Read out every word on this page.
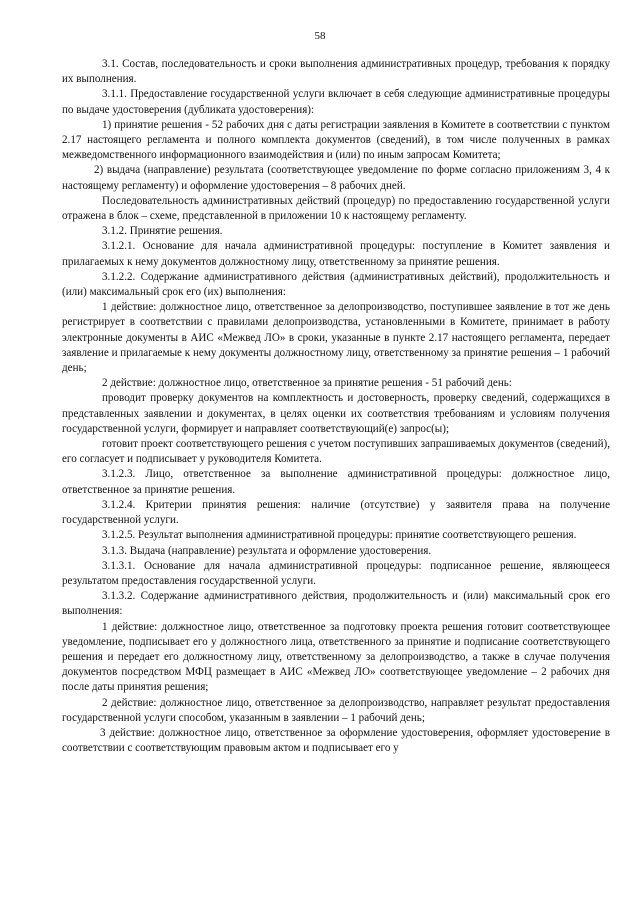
58

3.1. Состав, последовательность и сроки выполнения административных процедур, требования к порядку их выполнения.

3.1.1. Предоставление государственной услуги включает в себя следующие административные процедуры по выдаче удостоверения (дубликата удостоверения):

1) принятие решения - 52 рабочих дня с даты регистрации заявления в Комитете в соответствии с пунктом 2.17 настоящего регламента и полного комплекта документов (сведений), в том числе полученных в рамках межведомственного информационного взаимодействия и (или) по иным запросам Комитета;

2) выдача (направление) результата (соответствующее уведомление по форме согласно приложениям 3, 4 к настоящему регламенту) и оформление удостоверения – 8 рабочих дней.

Последовательность административных действий (процедур) по предоставлению государственной услуги отражена в блок – схеме, представленной в приложении 10 к настоящему регламенту.

3.1.2. Принятие решения.

3.1.2.1. Основание для начала административной процедуры: поступление в Комитет заявления и прилагаемых к нему документов должностному лицу, ответственному за принятие решения.

3.1.2.2. Содержание административного действия (административных действий), продолжительность и (или) максимальный срок его (их) выполнения:

1 действие: должностное лицо, ответственное за делопроизводство, поступившее заявление в тот же день регистрирует в соответствии с правилами делопроизводства, установленными в Комитете, принимает в работу электронные документы в АИС «Межвед ЛО» в сроки, указанные в пункте 2.17 настоящего регламента, передает заявление и прилагаемые к нему документы должностному лицу, ответственному за принятие решения – 1 рабочий день;

2 действие: должностное лицо, ответственное за принятие решения - 51 рабочий день:

проводит проверку документов на комплектность и достоверность, проверку сведений, содержащихся в представленных заявлении и документах, в целях оценки их соответствия требованиям и условиям получения государственной услуги, формирует и направляет соответствующий(е) запрос(ы);

готовит проект соответствующего решения с учетом поступивших запрашиваемых документов (сведений), его согласует и подписывает у руководителя Комитета.

3.1.2.3. Лицо, ответственное за выполнение административной процедуры: должностное лицо, ответственное за принятие решения.

3.1.2.4. Критерии принятия решения: наличие (отсутствие) у заявителя права на получение государственной услуги.

3.1.2.5. Результат выполнения административной процедуры: принятие соответствующего решения.

3.1.3. Выдача (направление) результата и оформление удостоверения.

3.1.3.1. Основание для начала административной процедуры: подписанное решение, являющееся результатом предоставления государственной услуги.

3.1.3.2. Содержание административного действия, продолжительность и (или) максимальный срок его выполнения:

1 действие: должностное лицо, ответственное за подготовку проекта решения готовит соответствующее уведомление, подписывает его у должностного лица, ответственного за принятие и подписание соответствующего решения и передает его должностному лицу, ответственному за делопроизводство, а также в случае получения документов посредством МФЦ размещает в АИС «Межвед ЛО» соответствующее уведомление – 2 рабочих дня после даты принятия решения;

2 действие: должностное лицо, ответственное за делопроизводство, направляет результат предоставления государственной услуги способом, указанным в заявлении – 1 рабочий день;

3 действие: должностное лицо, ответственное за оформление удостоверения, оформляет удостоверение в соответствии с соответствующим правовым актом и подписывает его у
